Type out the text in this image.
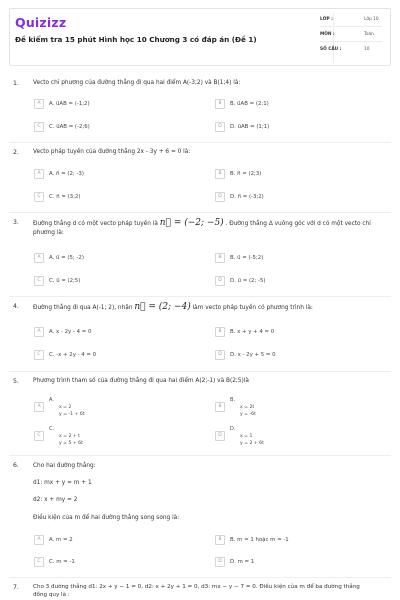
Quizizz
Đề kiểm tra 15 phút Hình học 10 Chương 3 có đáp án (Đề 1)
LỚP :	Lớp 10
MÔN :	Toán
SỐ CÂU :	10
1. Vecto chỉ phương của đường thẳng đi qua hai điểm A(-3;2) và B(1;4) là:
A	A. u⃗AB = (-1;2)	B	B. u⃗AB = (2;1)
C	C. u⃗AB = (-2;6)	D	D. u⃗AB = (1;1)
2. Vecto pháp tuyến của đường thẳng 2x - 3y + 6 = 0 là:
A	A. n⃗ = (2; -3)	B	B. n⃗ = (2;3)
C	C. n⃗ = (3;2)	D	D. n⃗ = (-3;2)
3. Đường thẳng d có một vecto pháp tuyến là n⃗ = (−2; −5) . Đường thẳng Δ vuông góc với d có một vecto chỉ
phương là:
A	A. u⃗ = (5; -2)	B	B. u⃗ = (-5;2)
C	C. u⃗ = (2;5)	D	D. u⃗ = (2; -5)
4. Đường thẳng đi qua A(-1; 2), nhận n⃗ = (2; −4) làm vecto pháp tuyến có phương trình là:
A	A. x - 2y - 4 = 0	B	B. x + y + 4 = 0
C	C. -x + 2y - 4 = 0	D	D. x - 2y + 5 = 0
5. Phương trình tham số của đường thẳng đi qua hai điểm A(2;-1) và B(2;5)là
A
A.
x = 2
y = -1 + 6t
B
B.
x = 2t
y = -6t
C
C.
x = 2 + t
y = 5 + 6t
D
D.
x = 1
y = 2 + 6t
6. Cho hai đường thẳng:
d1: mx + y = m + 1
d2: x + my = 2
Điều kiện của m để hai đường thẳng song song là:
A	A. m = 2	B	B. m = 1 hoặc m = -1
C	C. m = -1	D	D. m = 1
7.	Cho 3 đường thẳng d1: 2x + y − 1 = 0, d2: x + 2y + 1 = 0, d3: mx − y − 7 = 0. Điều kiện của m để ba đường thẳng
đồng quy là :
